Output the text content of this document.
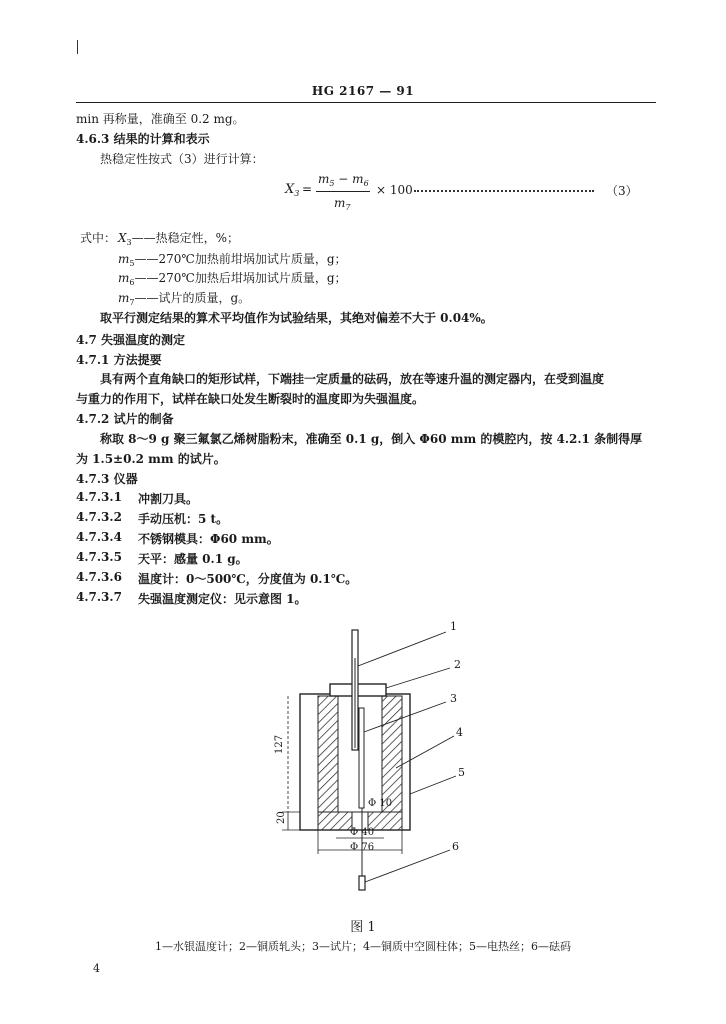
HG 2167 — 91
min 再称量，准确至 0.2 mg。
4.6.3 结果的计算和表示
热稳定性按式（3）进行计算：
$X_3$ =
$m_5 - m_6$
$m_7$
× 100	（3）
式中： $X_3——$热稳定性，%；
$m_5——270℃$加热前坩埚加试片质量，g；
$m_6——270℃$加热后坩埚加试片质量，g；
$m_7——$试片的质量，g。
取平行测定结果的算术平均值作为试验结果，其绝对偏差不大于 0.04%。
4.7 失强温度的测定
4.7.1 方法提要
具有两个直角缺口的矩形试样，下端挂一定质量的砝码，放在等速升温的测定器内，在受到温度
与重力的作用下，试样在缺口处发生断裂时的温度即为失强温度。
4.7.2 试片的制备
称取 8～9 g 聚三氟氯乙烯树脂粉末，准确至 0.1 g，倒入 Φ60 mm 的模腔内，按 4.2.1 条制得厚
为 1.5±0.2 mm 的试片。
4.7.3 仪器
4.7.3.1 冲割刀具。
4.7.3.2 手动压机：5 t。
4.7.3.4 不锈钢模具：Φ60 mm。
4.7.3.5 天平：感量 0.1 g。
4.7.3.6 温度计：0～500℃，分度值为 0.1℃。
4.7.3.7 失强温度测定仪：见示意图 1。
1
2
3
4
5
6
127
20
Φ 10
Φ 40
Φ 76
图 1
1—水银温度计；2—铜质轧头；3—试片；4—铜质中空圆柱体；5—电热丝；6—砝码
4
